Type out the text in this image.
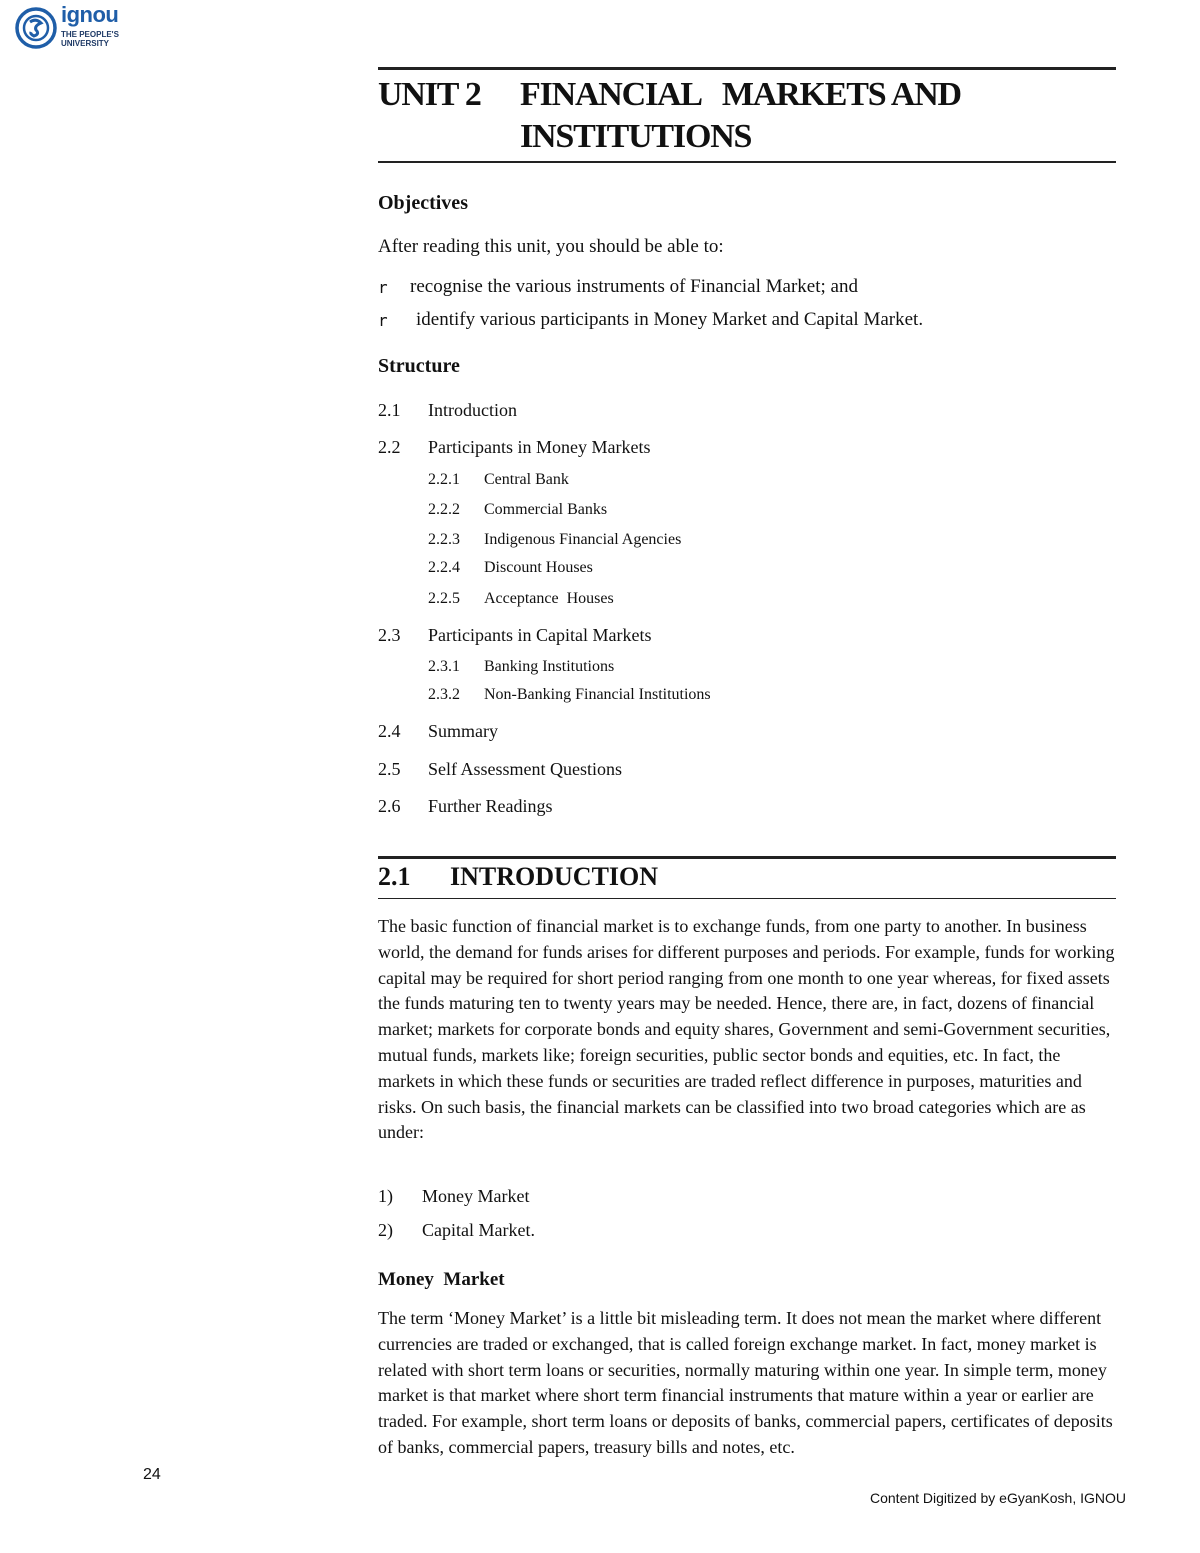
ignou
THE PEOPLE'S
UNIVERSITY
UNIT 2 FINANCIAL   MARKETS AND
INSTITUTIONS
Objectives
After reading this unit, you should be able to:
r recognise the various instruments of Financial Market; and
r identify various participants in Money Market and Capital Market.
Structure
2.1 Introduction
2.2 Participants in Money Markets
2.2.1 Central Bank
2.2.2 Commercial Banks
2.2.3 Indigenous Financial Agencies
2.2.4 Discount Houses
2.2.5 Acceptance  Houses
2.3 Participants in Capital Markets
2.3.1 Banking Institutions
2.3.2 Non-Banking Financial Institutions
2.4 Summary
2.5 Self Assessment Questions
2.6 Further Readings
2.1 INTRODUCTION
The basic function of financial market is to exchange funds, from one party to another. In business world, the demand for funds arises for different purposes and periods. For example, funds for working capital may be required for short period ranging from one month to one year whereas, for fixed assets the funds maturing ten to twenty years may be needed. Hence, there are, in fact, dozens of financial market; markets for corporate bonds and equity shares, Government and semi-Government securities, mutual funds, markets like; foreign securities, public sector bonds and equities, etc. In fact, the markets in which these funds or securities are traded reflect difference in purposes, maturities and risks. On such basis, the financial markets can be classified into two broad categories which are as under:
1) Money Market
2) Capital Market.
Money  Market
The term ‘Money Market’ is a little bit misleading term. It does not mean the market where different currencies are traded or exchanged, that is called foreign exchange market. In fact, money market is related with short term loans or securities, normally maturing within one year. In simple term, money market is that market where short term financial instruments that mature within a year or earlier are traded. For example, short term loans or deposits of banks, commercial papers, certificates of deposits of banks, commercial papers, treasury bills and notes, etc.
24
Content Digitized by eGyanKosh, IGNOU
